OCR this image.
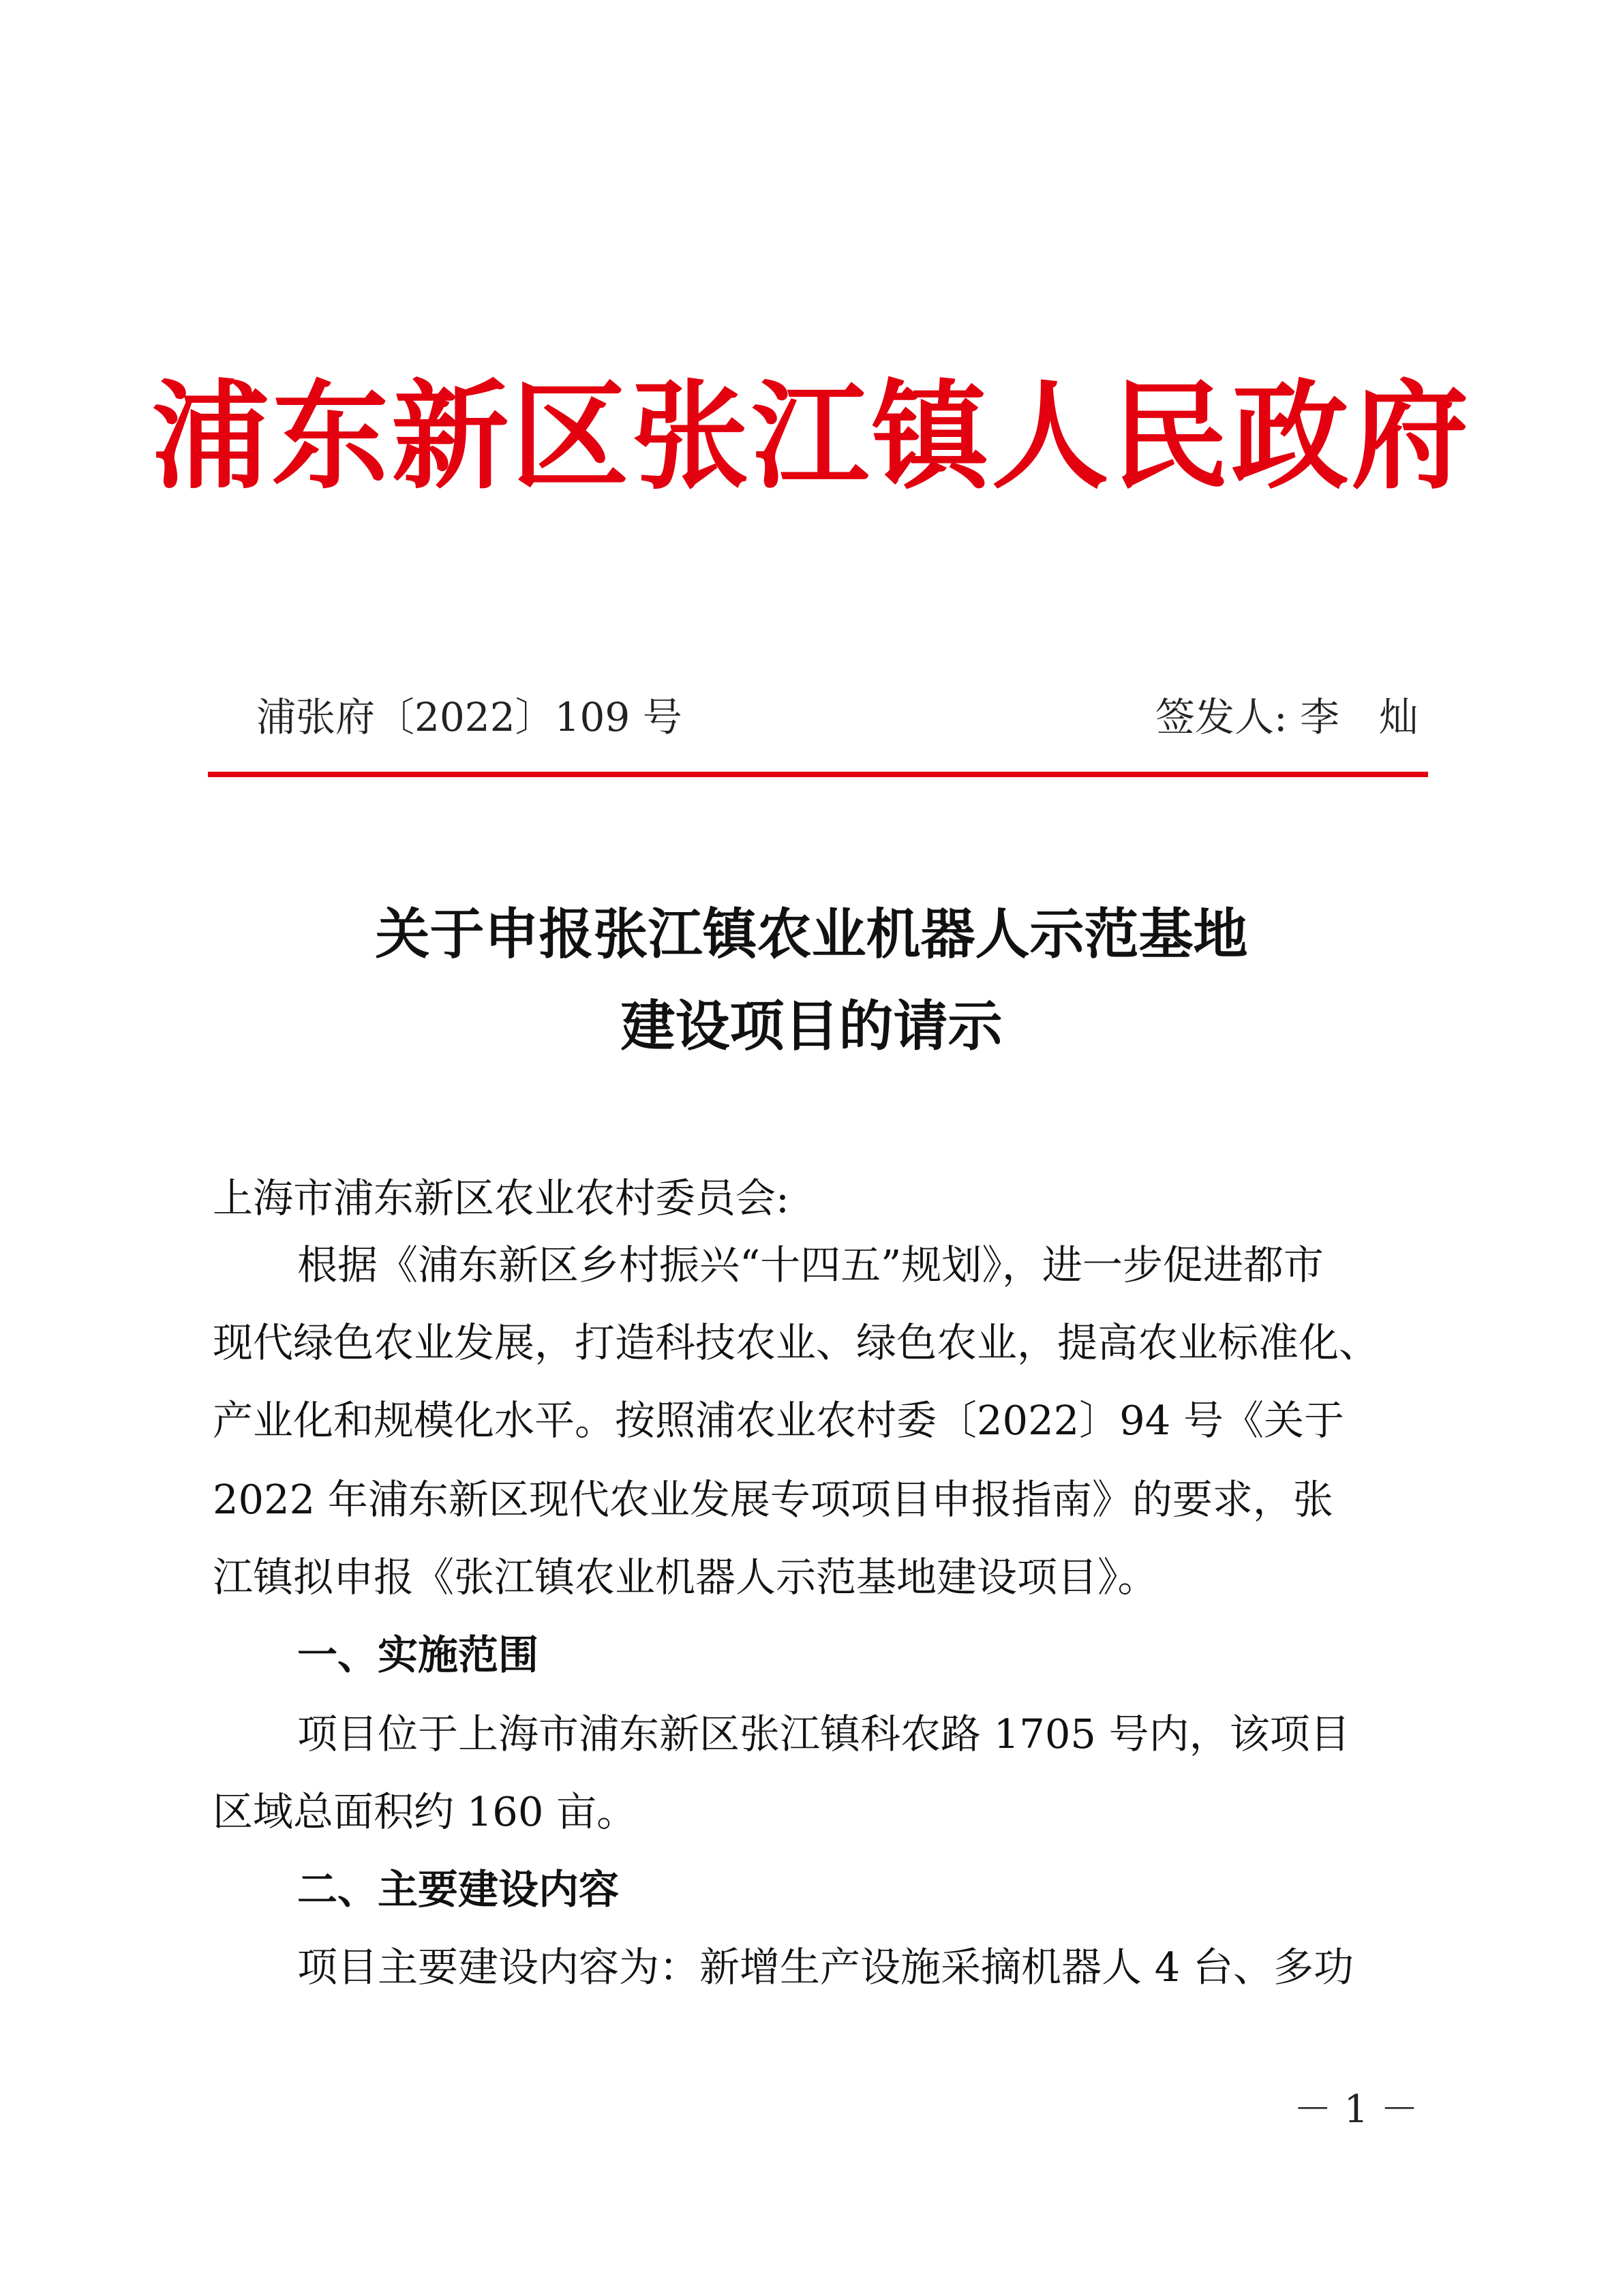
浦东新区张江镇人民政府
浦张府〔2022〕109 号	签发人: 李灿
关于申报张江镇农业机器人示范基地
建设项目的请示
上海市浦东新区农业农村委员会:
根据《浦东新区乡村振兴“十四五”规划》，进一步促进都市
现代绿色农业发展，打造科技农业、绿色农业，提高农业标准化、
产业化和规模化水平。按照浦农业农村委〔2022〕94 号《关于
2022 年浦东新区现代农业发展专项项目申报指南》的要求，张
江镇拟申报《张江镇农业机器人示范基地建设项目》。
一、实施范围
项目位于上海市浦东新区张江镇科农路 1705 号内，该项目
区域总面积约 160 亩。
二、主要建设内容
项目主要建设内容为：新增生产设施采摘机器人 4 台、多功
－ 1 －
